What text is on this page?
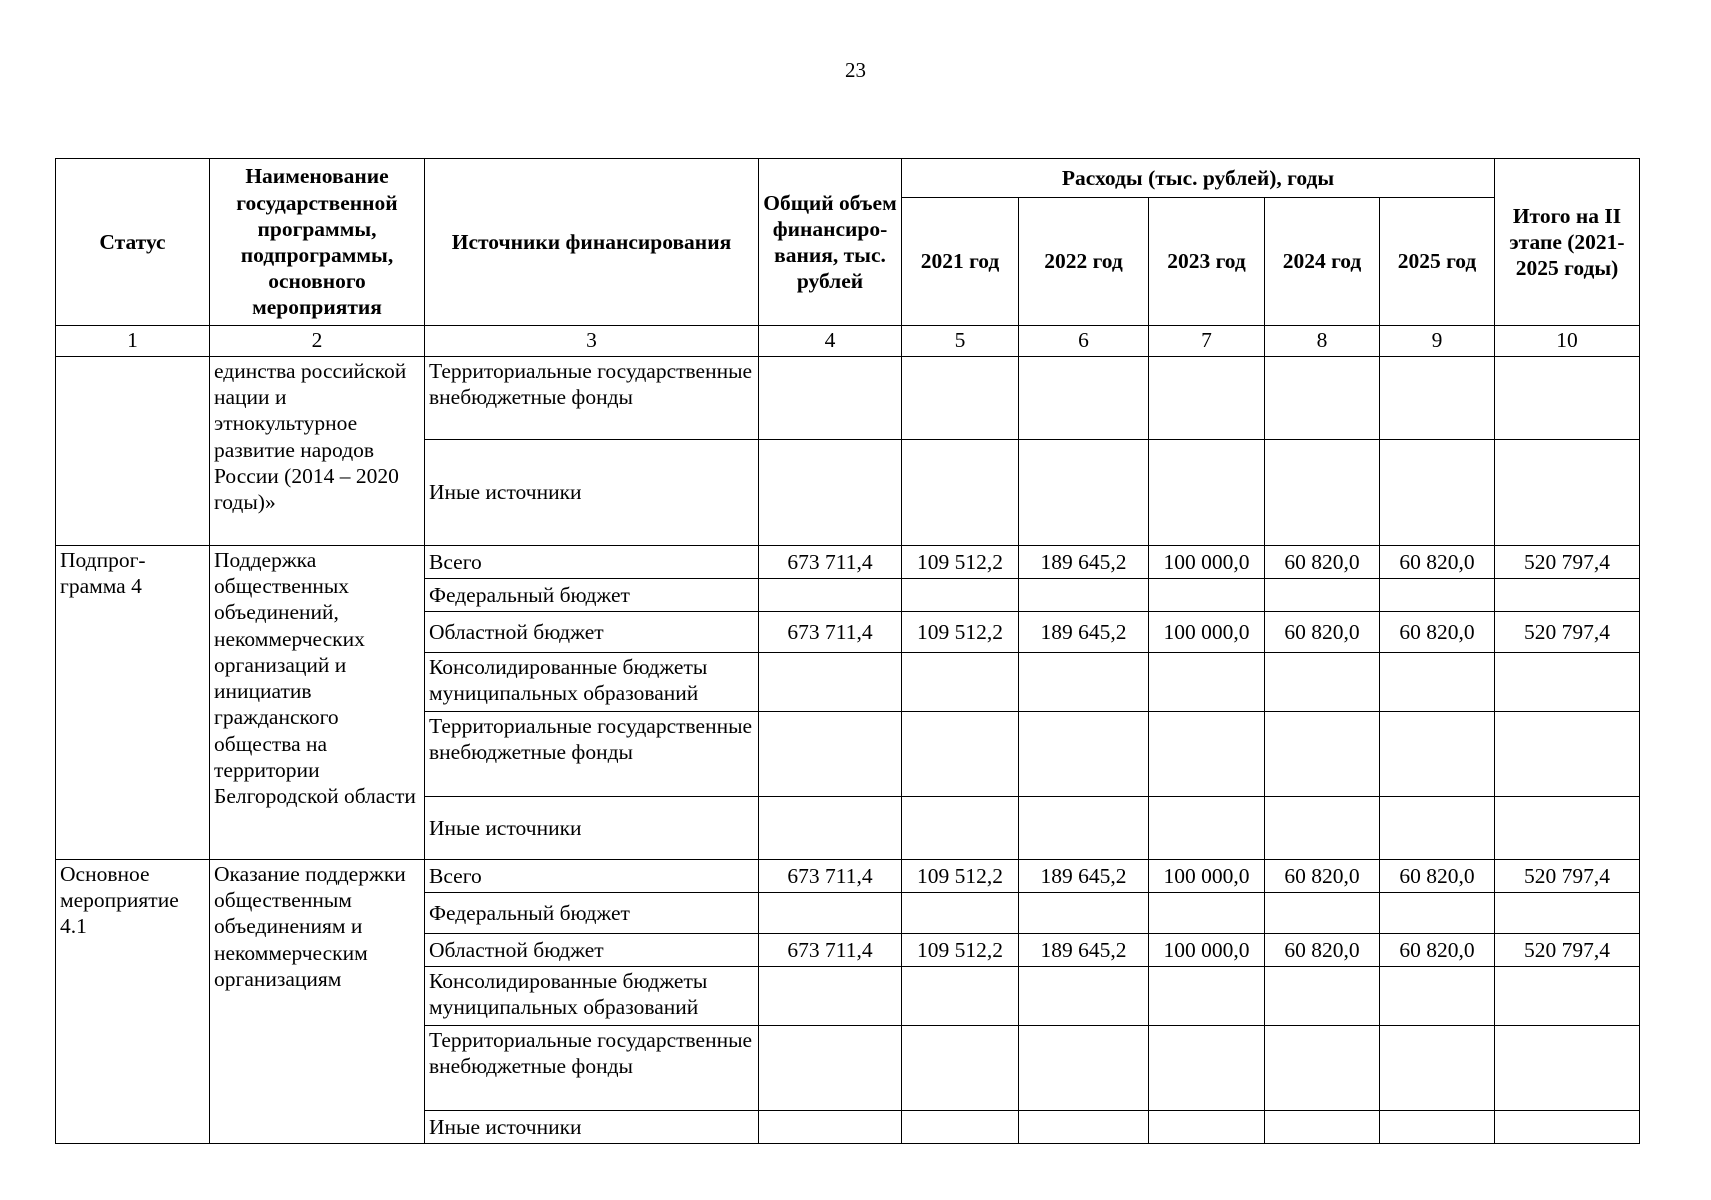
23
Статус	Наименование государственной программы, подпрограммы, основного мероприятия	Источники финансирования	Общий объем финансиро-вания, тыс. рублей	Расходы (тыс. рублей), годы					Итого на II этапе (2021-2025 годы)
				2021 год	2022 год	2023 год	2024 год	2025 год	
1	2	3	4	5	6	7	8	9	10
	единства российской нации и этнокультурное развитие народов России (2014 – 2020 годы)»	Территориальные государственные внебюджетные фонды							
		Иные источники							
Подпрог-грамма 4	Поддержка общественных объединений, некоммерческих организаций и инициатив гражданского общества на территории Белгородской области	Всего	673 711,4	109 512,2	189 645,2	100 000,0	60 820,0	60 820,0	520 797,4
		Федеральный бюджет							
		Областной бюджет	673 711,4	109 512,2	189 645,2	100 000,0	60 820,0	60 820,0	520 797,4
		Консолидированные бюджеты муниципальных образований							
		Территориальные государственные внебюджетные фонды							
		Иные источники							
Основное мероприятие 4.1	Оказание поддержки общественным объединениям и некоммерческим организациям	Всего	673 711,4	109 512,2	189 645,2	100 000,0	60 820,0	60 820,0	520 797,4
		Федеральный бюджет							
		Областной бюджет	673 711,4	109 512,2	189 645,2	100 000,0	60 820,0	60 820,0	520 797,4
		Консолидированные бюджеты муниципальных образований							
		Территориальные государственные внебюджетные фонды							
		Иные источники							
